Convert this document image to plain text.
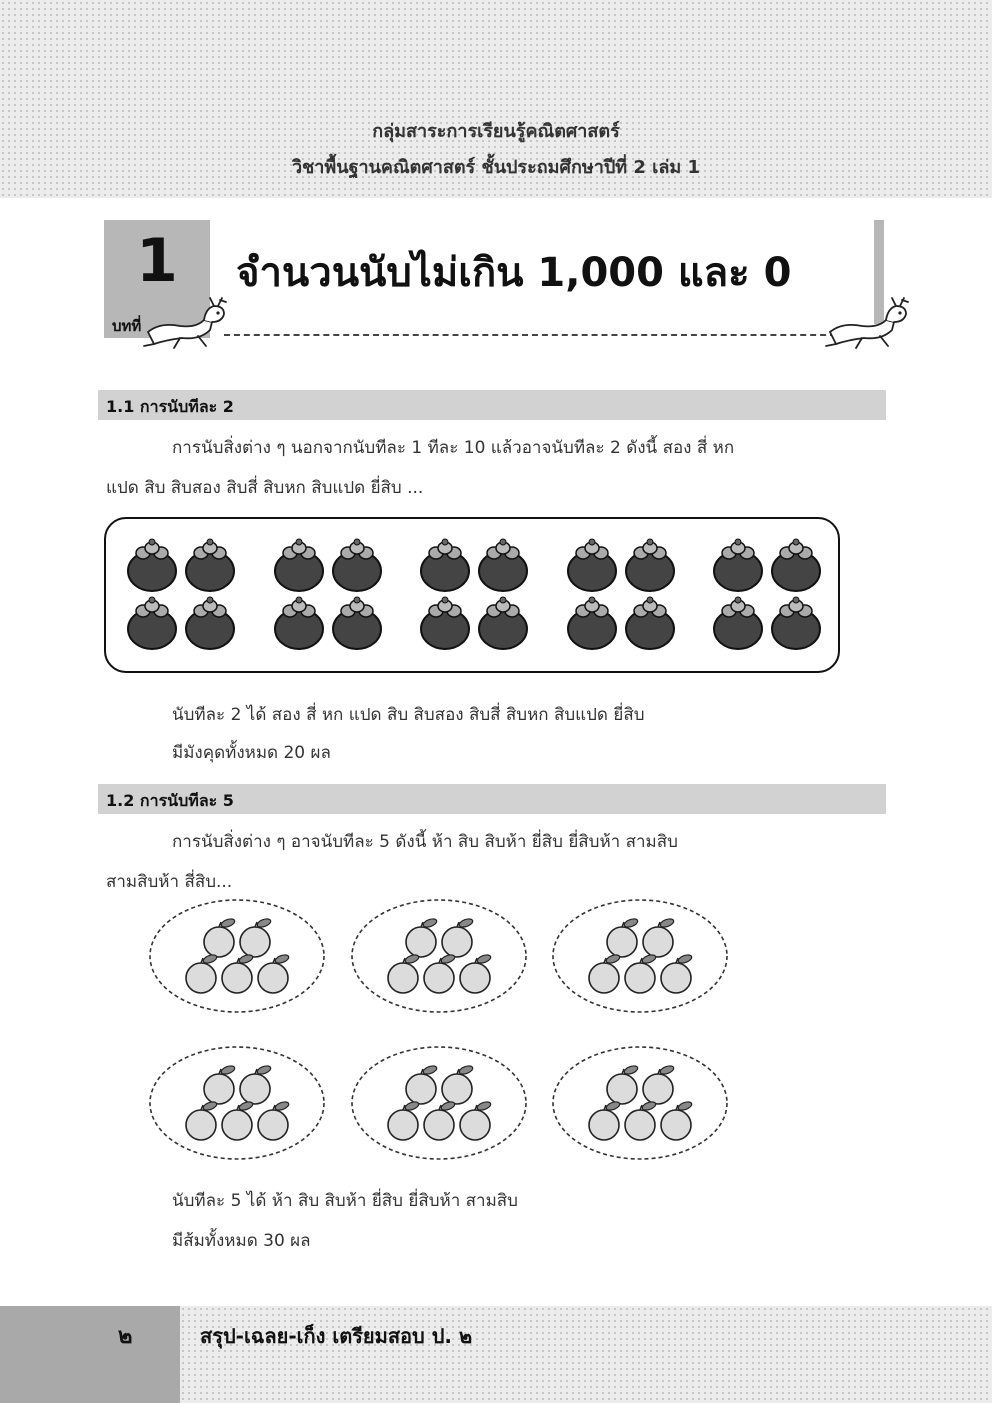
กลุ่มสาระการเรียนรู้คณิตศาสตร์
วิชาพื้นฐานคณิตศาสตร์ ชั้นประถมศึกษาปีที่ 2 เล่ม 1
1
บทที่
จำนวนนับไม่เกิน 1,000 และ 0
1.1 การนับทีละ 2
การนับสิ่งต่าง ๆ นอกจากนับทีละ 1 ทีละ 10 แล้วอาจนับทีละ 2 ดังนี้ สอง สี่ หก
แปด สิบ สิบสอง สิบสี่ สิบหก สิบแปด ยี่สิบ ...
นับทีละ 2 ได้ สอง สี่ หก แปด สิบ สิบสอง สิบสี่ สิบหก สิบแปด ยี่สิบ
มีมังคุดทั้งหมด 20 ผล
1.2 การนับทีละ 5
การนับสิ่งต่าง ๆ อาจนับทีละ 5 ดังนี้ ห้า สิบ สิบห้า ยี่สิบ ยี่สิบห้า สามสิบ
สามสิบห้า สี่สิบ...
นับทีละ 5 ได้ ห้า สิบ สิบห้า ยี่สิบ ยี่สิบห้า สามสิบ
มีส้มทั้งหมด 30 ผล
๒	สรุป-เฉลย-เก็ง เตรียมสอบ ป. ๒
